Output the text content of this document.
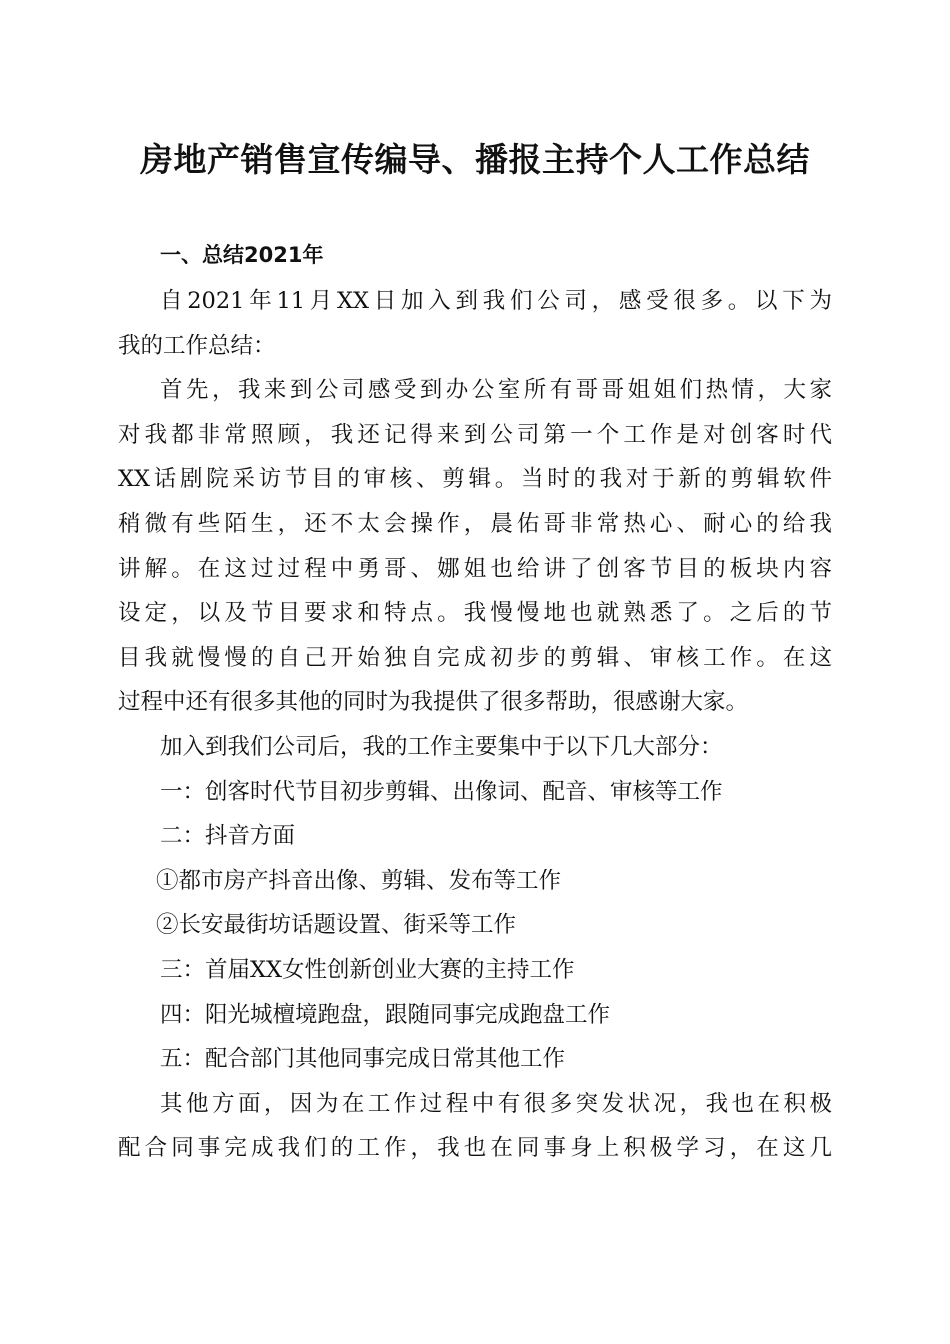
房地产销售宣传编导、播报主持个人工作总结
一、总结2021年
自2021年11月XX日加入到我们公司，感受很多。以下为
我的工作总结：
首先，我来到公司感受到办公室所有哥哥姐姐们热情，大家
对我都非常照顾，我还记得来到公司第一个工作是对创客时代
XX话剧院采访节目的审核、剪辑。当时的我对于新的剪辑软件
稍微有些陌生，还不太会操作，晨佑哥非常热心、耐心的给我
讲解。在这过过程中勇哥、娜姐也给讲了创客节目的板块内容
设定，以及节目要求和特点。我慢慢地也就熟悉了。之后的节
目我就慢慢的自己开始独自完成初步的剪辑、审核工作。在这
过程中还有很多其他的同时为我提供了很多帮助，很感谢大家。
加入到我们公司后，我的工作主要集中于以下几大部分：
一：创客时代节目初步剪辑、出像词、配音、审核等工作
二：抖音方面
①都市房产抖音出像、剪辑、发布等工作
②长安最街坊话题设置、街采等工作
三：首届XX女性创新创业大赛的主持工作
四：阳光城檀境跑盘，跟随同事完成跑盘工作
五：配合部门其他同事完成日常其他工作
其他方面，因为在工作过程中有很多突发状况，我也在积极
配合同事完成我们的工作，我也在同事身上积极学习，在这几
